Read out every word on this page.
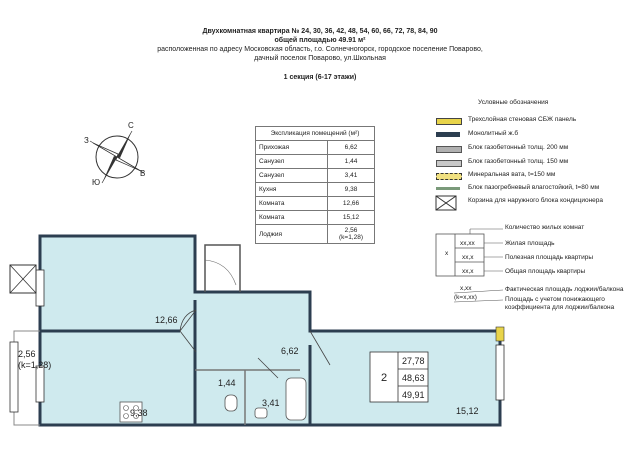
Двухкомнатная квартира № 24, 30, 36, 42, 48, 54, 60, 66, 72, 78, 84, 90
общей площадью 49.91 м²
расположенная по адресу Московская область, г.о. Солнечногорск, городское поселение Поварово,
дачный поселок Поварово, ул.Школьная
1 секция (6-17 этажи)
Экспликация помещений (м²)	
Прихожая	6,62
Санузел	1,44
Санузел	3,41
Кухня	9,38
Комната	12,66
Комната	15,12
Лоджия	2,56
(k=1,28)
Условные обозначения
Трехслойная стеновая СБЖ панель
Монолитный ж.б
Блок газобетонный толщ. 200 мм
Блок газобетонный толщ. 150 мм
Минеральная вата, t=150 мм
Блок пазогребневый влагостойкий, t=80 мм
Корзина для наружного блока кондиционера
x
xx,xx
xx,x
xx,x
Количество жилых комнат
Жилая площадь
Полезная площадь квартиры
Общая площадь квартиры
x,xx
(k=x,xx)
Фактическая площадь лоджии/балкона
Площадь с учетом понижающего коэффициента для лоджии/балкона
С
В
Ю
З
12,66
2,56
(k=1,28)
9,38
6,62
1,44
3,41
15,12
2
27,78
48,63
49,91
